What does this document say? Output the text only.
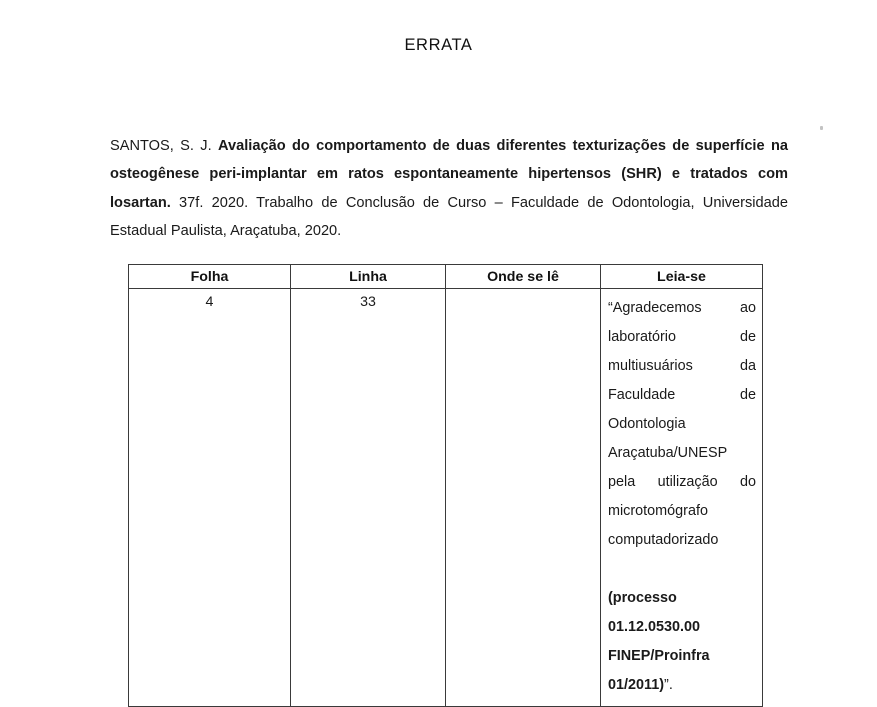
ERRATA

SANTOS, S. J. Avaliação do comportamento de duas diferentes texturizações de superfície na osteogênese peri-implantar em ratos espontaneamente hipertensos (SHR) e tratados com losartan. 37f. 2020. Trabalho de Conclusão de Curso – Faculdade de Odontologia, Universidade Estadual Paulista, Araçatuba, 2020.

Folha	Linha	Onde se lê	Leia-se
4	33		“Agradecemos ao laboratório de multiusuários da Faculdade de Odontologia Araçatuba/UNESP pela utilização do microtomógrafo computadorizado (processo 01.12.0530.00 FINEP/Proinfra 01/2011)”.
